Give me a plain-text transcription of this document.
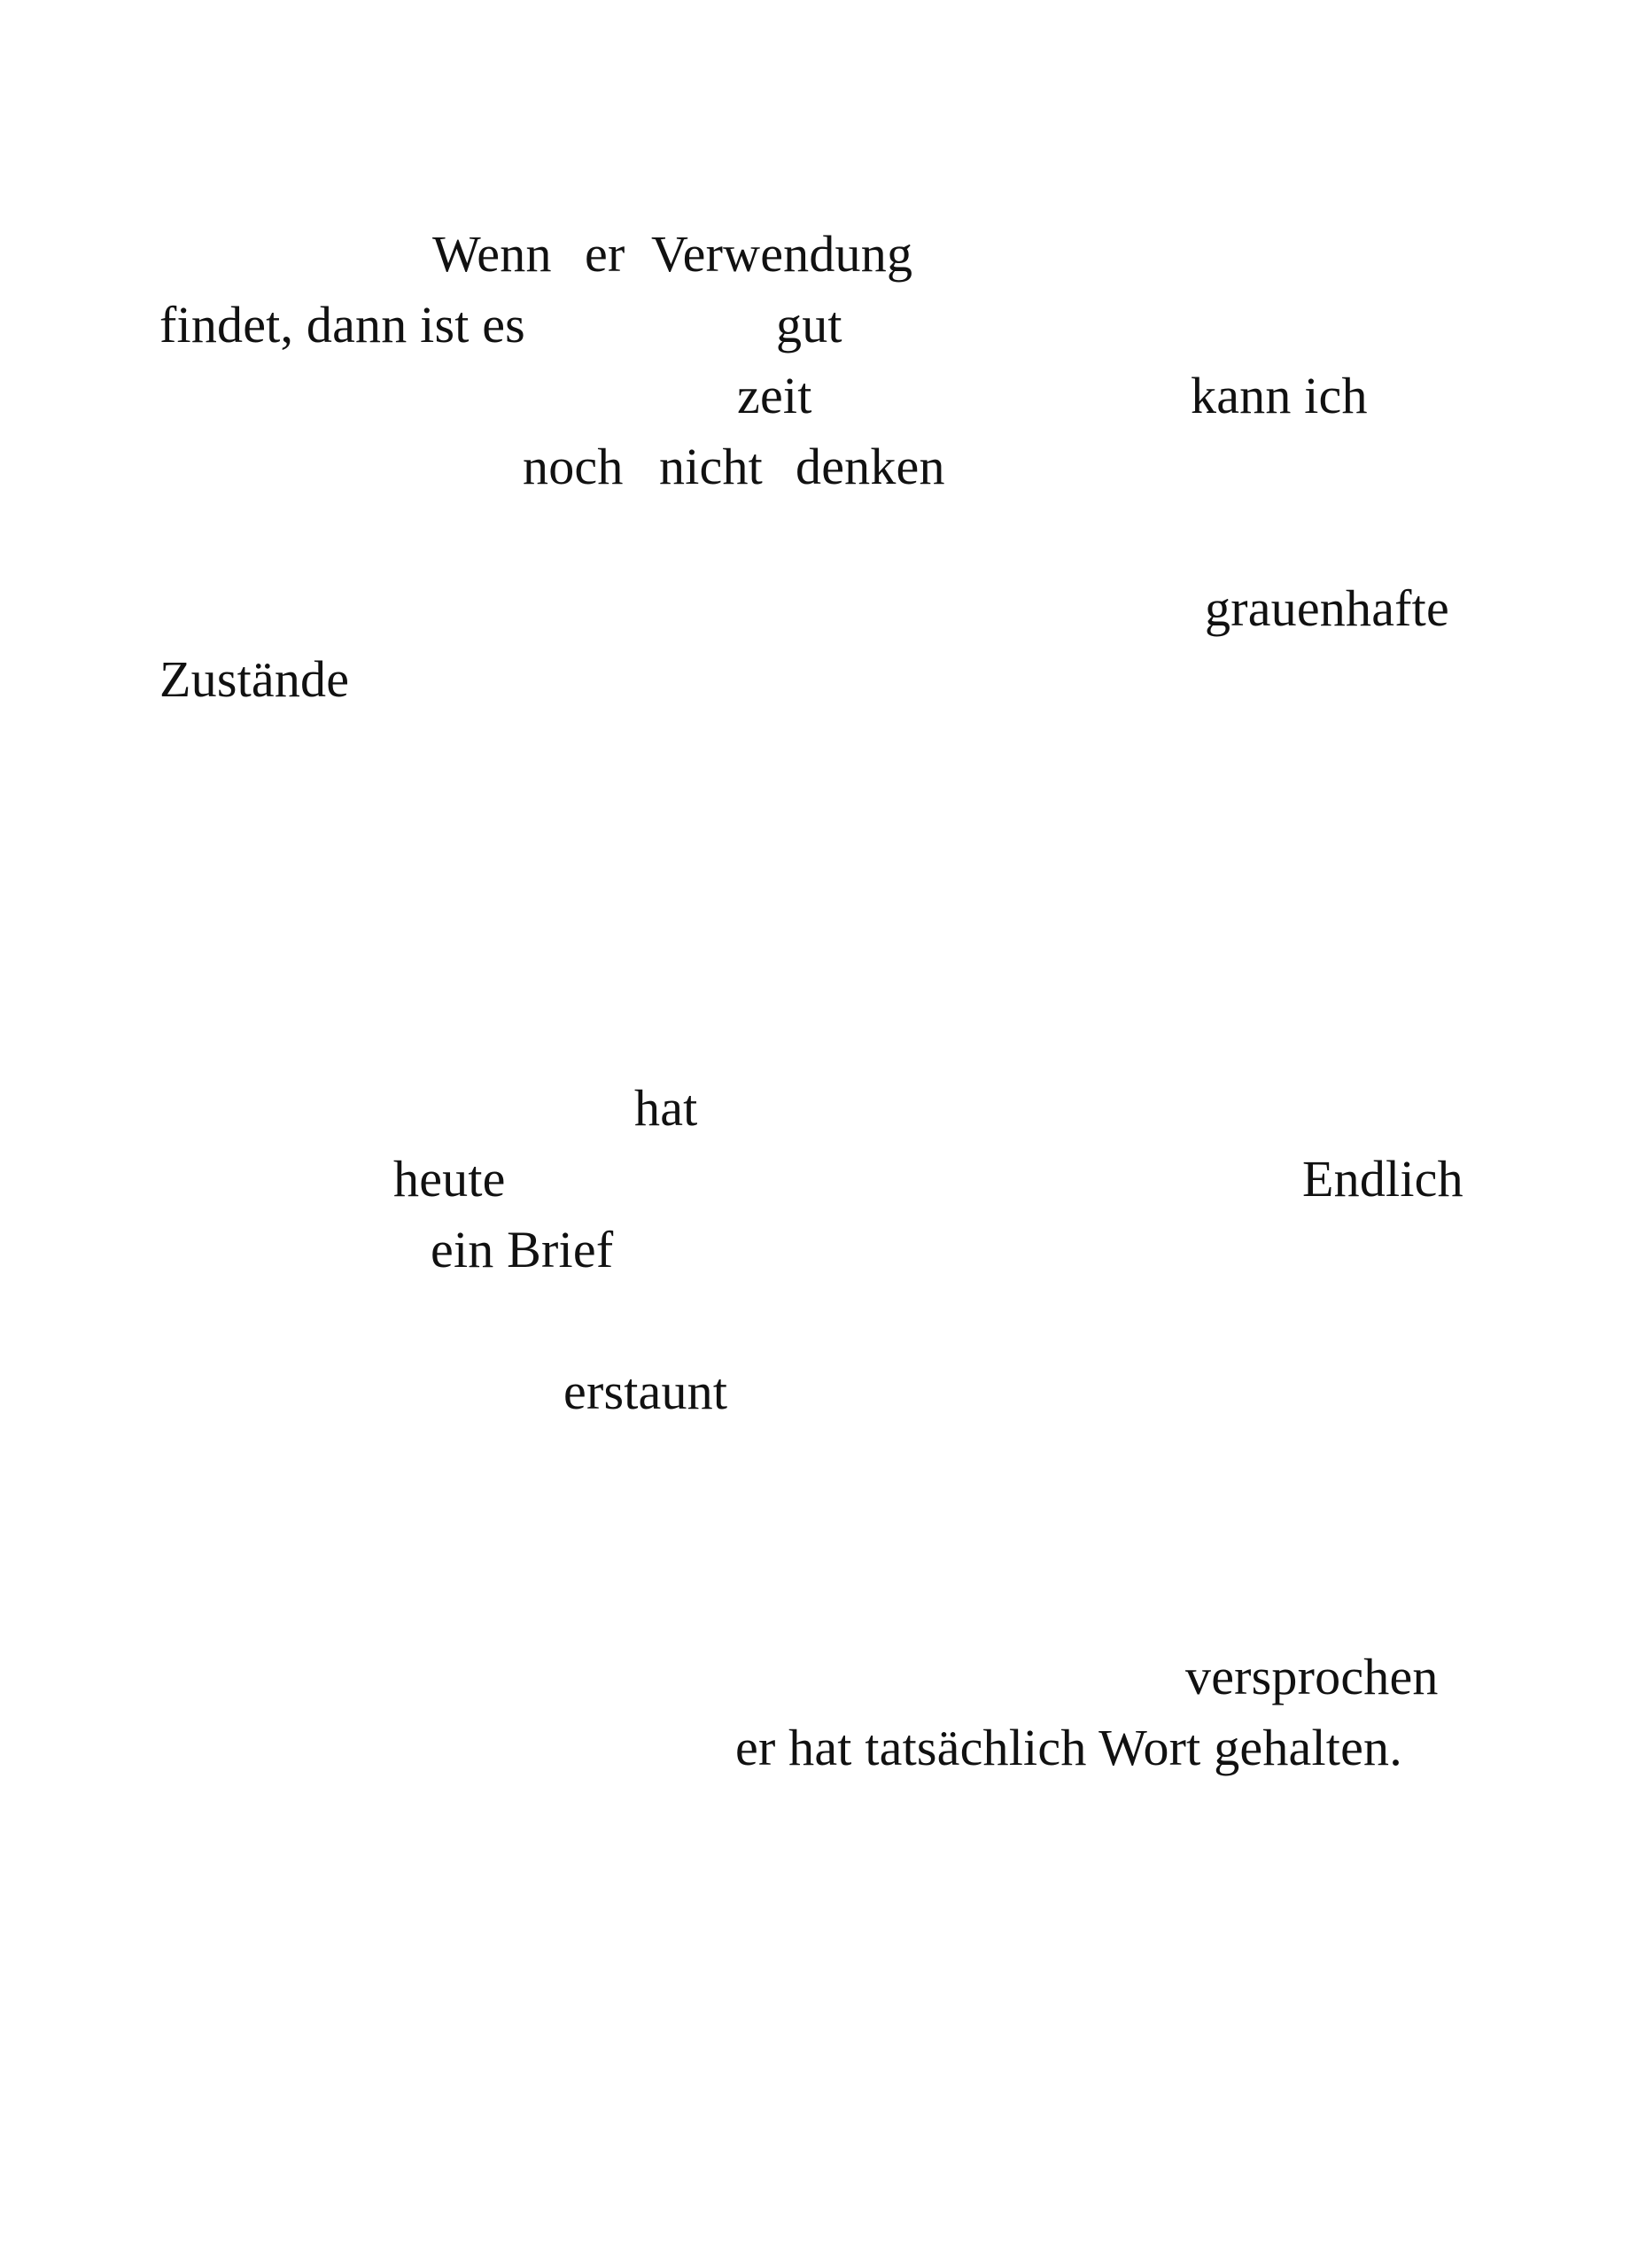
Wenn er Verwendung
findet, dann ist es	gut
zeit	kann ich
noch nicht denken
grauenhafte
Zustände
hat
heute	Endlich
ein Brief
erstaunt
versprochen
er hat tatsächlich Wort gehalten.
